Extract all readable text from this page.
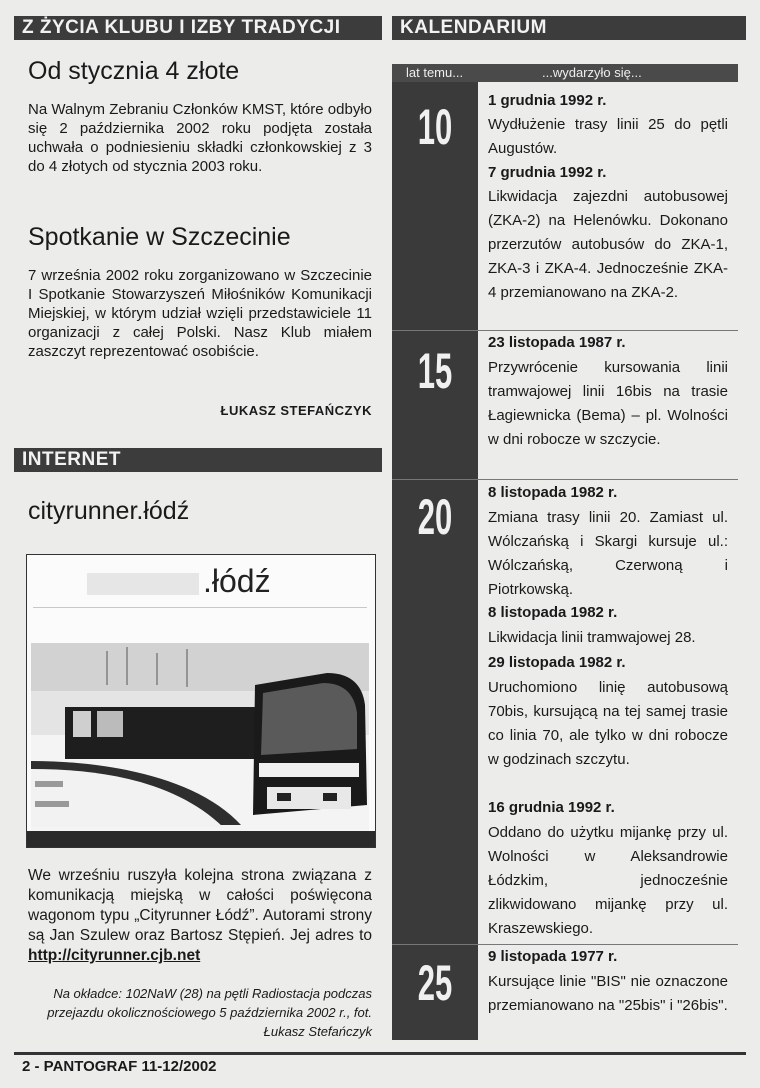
Z ŻYCIA KLUBU I IZBY TRADYCJI
Od stycznia 4 złote
Na Walnym Zebraniu Członków KMST, które odbyło się 2 października 2002 roku podjęta została uchwała o podniesieniu składki członkowskiej z 3 do 4 złotych od stycznia 2003 roku.
Spotkanie w Szczecinie
7 września 2002 roku zorganizowano w Szczecinie I Spotkanie Stowarzyszeń Miłośników Komunikacji Miejskiej, w którym udział wzięli przedstawiciele 11 organizacji z całej Polski. Nasz Klub miałem zaszczyt reprezentować osobiście.
ŁUKASZ STEFAŃCZYK
INTERNET
cityrunner.łódź
.łódź
We wrześniu ruszyła kolejna strona związana z komunikacją miejską w całości poświęcona wagonom typu „Cityrunner Łódź”. Autorami strony są Jan Szulew oraz Bartosz Stępień. Jej adres to http://cityrunner.cjb.net
Na okładce: 102NaW (28) na pętli Radiostacja podczas przejazdu okolicznościowego 5 października 2002 r., fot. Łukasz Stefańczyk
KALENDARIUM
lat temu...	...wydarzyło się...
10	1 grudnia 1992 r.
Wydłużenie trasy linii 25 do pętli Augustów.
7 grudnia 1992 r.
Likwidacja zajezdni autobusowej (ZKA-2) na Helenówku. Dokonano przerzutów autobusów do ZKA-1, ZKA-3 i ZKA-4. Jednocześnie ZKA-4 przemianowano na ZKA-2.
15
23 listopada 1987 r.
Przywrócenie kursowania linii tramwajowej linii 16bis na trasie Łagiewnicka (Bema) – pl. Wolności w dni robocze w szczycie.
20	8 listopada 1982 r.
Zmiana trasy linii 20. Zamiast ul. Wólczańską i Skargi kursuje ul.: Wólczańską, Czerwoną i Piotrkowską.
8 listopada 1982 r.
Likwidacja linii tramwajowej 28.
29 listopada 1982 r.
Uruchomiono linię autobusową 70bis, kursującą na tej samej trasie co linia 70, ale tylko w dni robocze w godzinach szczytu.
16 grudnia 1992 r.
Oddano do użytku mijankę przy ul. Wolności w Aleksandrowie Łódzkim, jednocześnie zlikwidowano mijankę przy ul. Kraszewskiego.
25	9 listopada 1977 r.
Kursujące linie "BIS" nie oznaczone przemianowano na "25bis" i "26bis".
2 - PANTOGRAF 11-12/2002
